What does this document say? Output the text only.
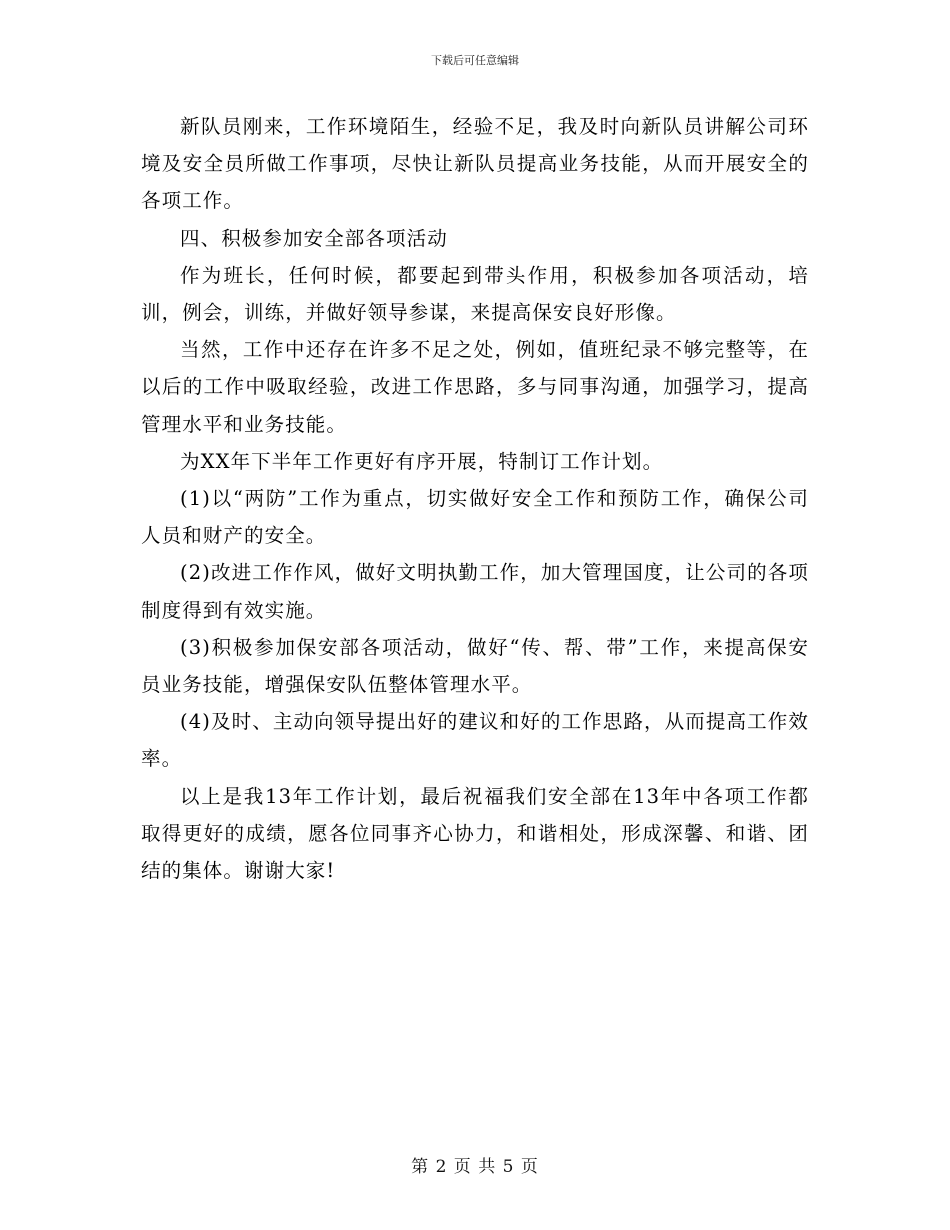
下载后可任意编辑

新队员刚来，工作环境陌生，经验不足，我及时向新队员讲解公司环境及安全员所做工作事项，尽快让新队员提高业务技能，从而开展安全的各项工作。

四、积极参加安全部各项活动

作为班长，任何时候，都要起到带头作用，积极参加各项活动，培训，例会，训练，并做好领导参谋，来提高保安良好形像。

当然，工作中还存在许多不足之处，例如，值班纪录不够完整等，在以后的工作中吸取经验，改进工作思路，多与同事沟通，加强学习，提高管理水平和业务技能。

为XX年下半年工作更好有序开展，特制订工作计划。

(1)以“两防”工作为重点，切实做好安全工作和预防工作，确保公司人员和财产的安全。

(2)改进工作作风，做好文明执勤工作，加大管理国度，让公司的各项制度得到有效实施。

(3)积极参加保安部各项活动，做好“传、帮、带”工作，来提高保安员业务技能，增强保安队伍整体管理水平。

(4)及时、主动向领导提出好的建议和好的工作思路，从而提高工作效率。

以上是我13年工作计划，最后祝福我们安全部在13年中各项工作都取得更好的成绩，愿各位同事齐心协力，和谐相处，形成深馨、和谐、团结的集体。谢谢大家!

第 2 页 共 5 页
